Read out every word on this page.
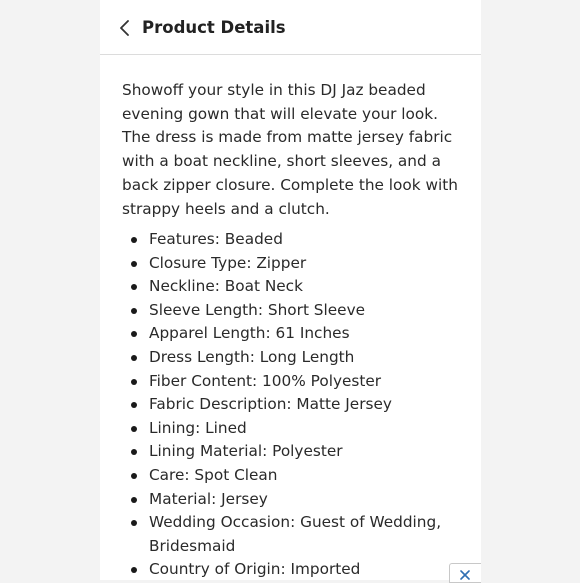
Product Details

Showoff your style in this DJ Jaz beaded evening gown that will elevate your look. The dress is made from matte jersey fabric with a boat neckline, short sleeves, and a back zipper closure. Complete the look with strappy heels and a clutch.

Features: Beaded
Closure Type: Zipper
Neckline: Boat Neck
Sleeve Length: Short Sleeve
Apparel Length: 61 Inches
Dress Length: Long Length
Fiber Content: 100% Polyester
Fabric Description: Matte Jersey
Lining: Lined
Lining Material: Polyester
Care: Spot Clean
Material: Jersey
Wedding Occasion: Guest of Wedding, Bridesmaid
Country of Origin: Imported
